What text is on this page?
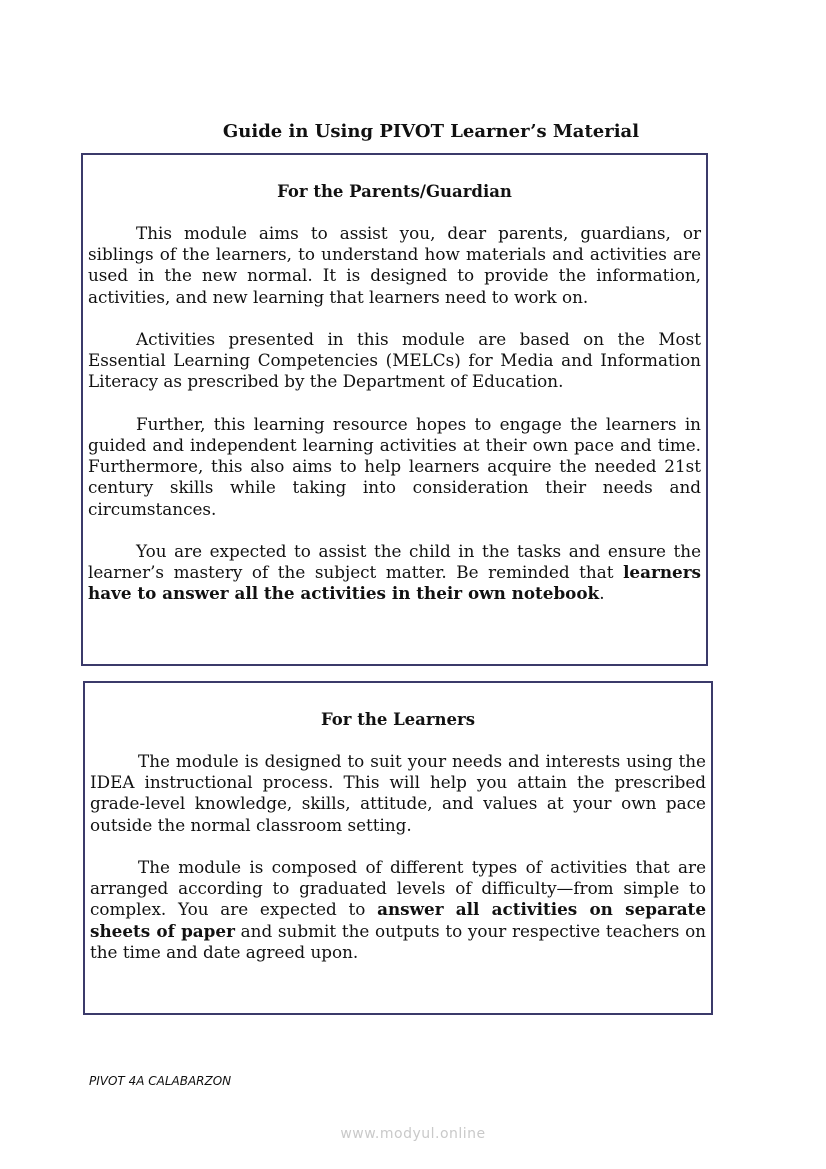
Guide in Using PIVOT Learner’s Material
For the Parents/Guardian

This module aims to assist you, dear parents, guardians, or siblings of the learners, to understand how materials and activities are used in the new normal. It is designed to provide the information, activities, and new learning that learners need to work on.

Activities presented in this module are based on the Most Essential Learning Competencies (MELCs) for Media and Information Literacy as prescribed by the Department of Education.

Further, this learning resource hopes to engage the learners in guided and independent learning activities at their own pace and time. Furthermore, this also aims to help learners acquire the needed 21st century skills while taking into consideration their needs and circumstances.

You are expected to assist the child in the tasks and ensure the learner’s mastery of the subject matter. Be reminded that learners have to answer all the activities in their own notebook.

For the Learners

The module is designed to suit your needs and interests using the IDEA instructional process. This will help you attain the prescribed grade-level knowledge, skills, attitude, and values at your own pace outside the normal classroom setting.

The module is composed of different types of activities that are arranged according to graduated levels of difficulty—from simple to complex. You are expected to answer all activities on separate sheets of paper and submit the outputs to your respective teachers on the time and date agreed upon.

PIVOT 4A CALABARZON
www.modyul.online
